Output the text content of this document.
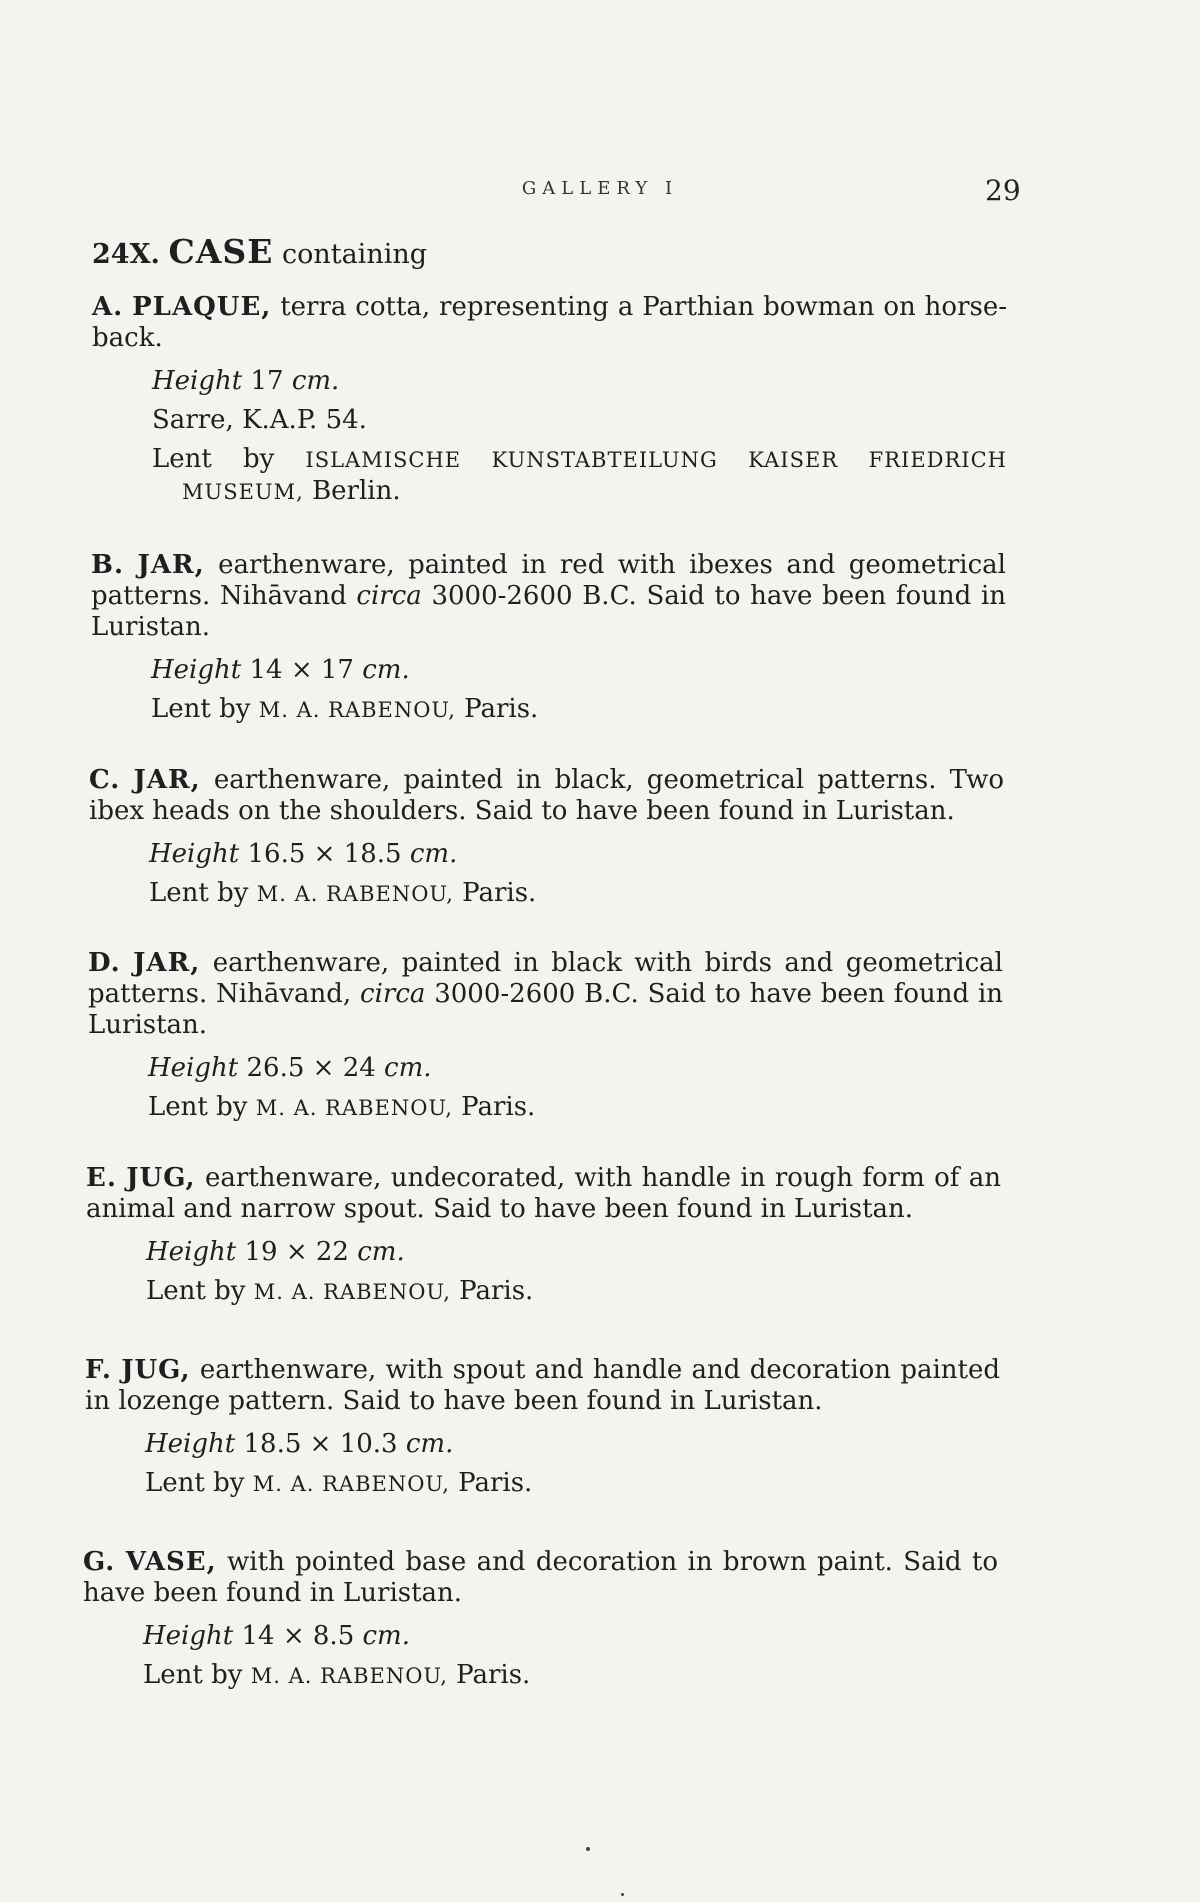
GALLERY I	29
24X. CASE containing
A. PLAQUE, terra cotta, representing a Parthian bowman on horse-back.
Height 17 cm.
Sarre, K.A.P. 54.
Lent by ISLAMISCHE KUNSTABTEILUNG KAISER FRIEDRICH MUSEUM, Berlin.
B. JAR, earthenware, painted in red with ibexes and geometrical patterns. Nihāvand circa 3000-2600 B.C. Said to have been found in Luristan.
Height 14 × 17 cm.
Lent by M. A. RABENOU, Paris.
C. JAR, earthenware, painted in black, geometrical patterns. Two ibex heads on the shoulders. Said to have been found in Luristan.
Height 16.5 × 18.5 cm.
Lent by M. A. RABENOU, Paris.
D. JAR, earthenware, painted in black with birds and geometrical patterns. Nihāvand, circa 3000-2600 B.C. Said to have been found in Luristan.
Height 26.5 × 24 cm.
Lent by M. A. RABENOU, Paris.
E. JUG, earthenware, undecorated, with handle in rough form of an animal and narrow spout. Said to have been found in Luristan.
Height 19 × 22 cm.
Lent by M. A. RABENOU, Paris.
F. JUG, earthenware, with spout and handle and decoration painted in lozenge pattern. Said to have been found in Luristan.
Height 18.5 × 10.3 cm.
Lent by M. A. RABENOU, Paris.
G. VASE, with pointed base and decoration in brown paint. Said to have been found in Luristan.
Height 14 × 8.5 cm.
Lent by M. A. RABENOU, Paris.
